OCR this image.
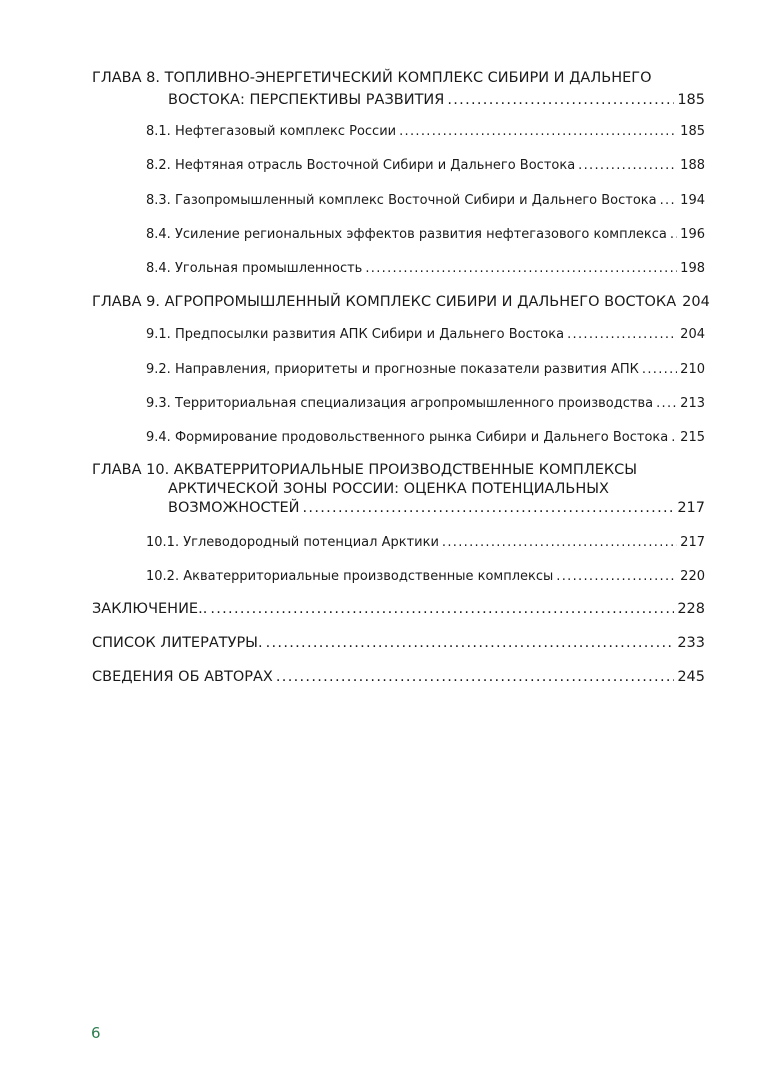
ГЛАВА 8. ТОПЛИВНО-ЭНЕРГЕТИЧЕСКИЙ КОМПЛЕКС СИБИРИ И ДАЛЬНЕГО
ВОСТОКА: ПЕРСПЕКТИВЫ РАЗВИТИЯ .....	185
8.1. Нефтегазовый комплекс России .....	185
8.2. Нефтяная отрасль Восточной Сибири и Дальнего Востока .....	188
8.3. Газопромышленный комплекс Восточной Сибири и Дальнего Востока ..... 194
8.4. Усиление региональных эффектов развития нефтегазового комплекса ..... 196
8.4. Угольная промышленность .....	198
ГЛАВА 9. АГРОПРОМЫШЛЕННЫЙ КОМПЛЕКС СИБИРИ И ДАЛЬНЕГО ВОСТОКА 204
9.1. Предпосылки развития АПК Сибири и Дальнего Востока .....	204
9.2. Направления, приоритеты и прогнозные показатели развития АПК .....	210
9.3. Территориальная специализация агропромышленного производства ..... 213
9.4. Формирование продовольственного рынка Сибири и Дальнего Востока ..... 215
ГЛАВА 10. АКВАТЕРРИТОРИАЛЬНЫЕ ПРОИЗВОДСТВЕННЫЕ КОМПЛЕКСЫ
АРКТИЧЕСКОЙ ЗОНЫ РОССИИ: ОЦЕНКА ПОТЕНЦИАЛЬНЫХ
ВОЗМОЖНОСТЕЙ .....	217
10.1. Углеводородный потенциал Арктики .....	217
10.2. Акватерриториальные производственные комплексы .....	220
ЗАКЛЮЧЕНИЕ.. .....	228
СПИСОК ЛИТЕРАТУРЫ. .....	233
СВЕДЕНИЯ ОБ АВТОРАХ .....	245
6
